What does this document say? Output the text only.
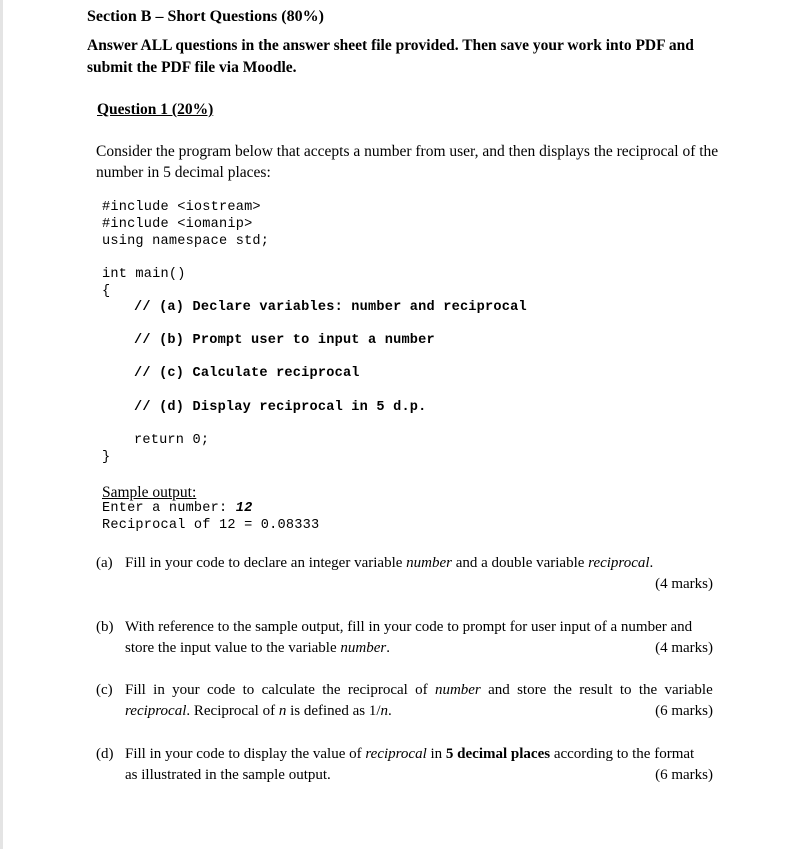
Section B – Short Questions (80%)
Answer ALL questions in the answer sheet file provided. Then save your work into PDF and
submit the PDF file via Moodle.
Question 1 (20%)
Consider the program below that accepts a number from user, and then displays the reciprocal of the
number in 5 decimal places:
#include <iostream>
#include <iomanip>
using namespace std;
int main()
{
// (a) Declare variables: number and reciprocal
// (b) Prompt user to input a number
// (c) Calculate reciprocal
// (d) Display reciprocal in 5 d.p.
return 0;
}
Sample output:
Enter a number: 12
Reciprocal of 12 = 0.08333
(a) Fill in your code to declare an integer variable number and a double variable reciprocal.
(4 marks)
(b) With reference to the sample output, fill in your code to prompt for user input of a number and
store the input value to the variable number.	(4 marks)
(c) Fill in your code to calculate the reciprocal of number and store the result to the variable
reciprocal. Reciprocal of n is defined as 1/n.	(6 marks)
(d) Fill in your code to display the value of reciprocal in 5 decimal places according to the format
as illustrated in the sample output.	(6 marks)
